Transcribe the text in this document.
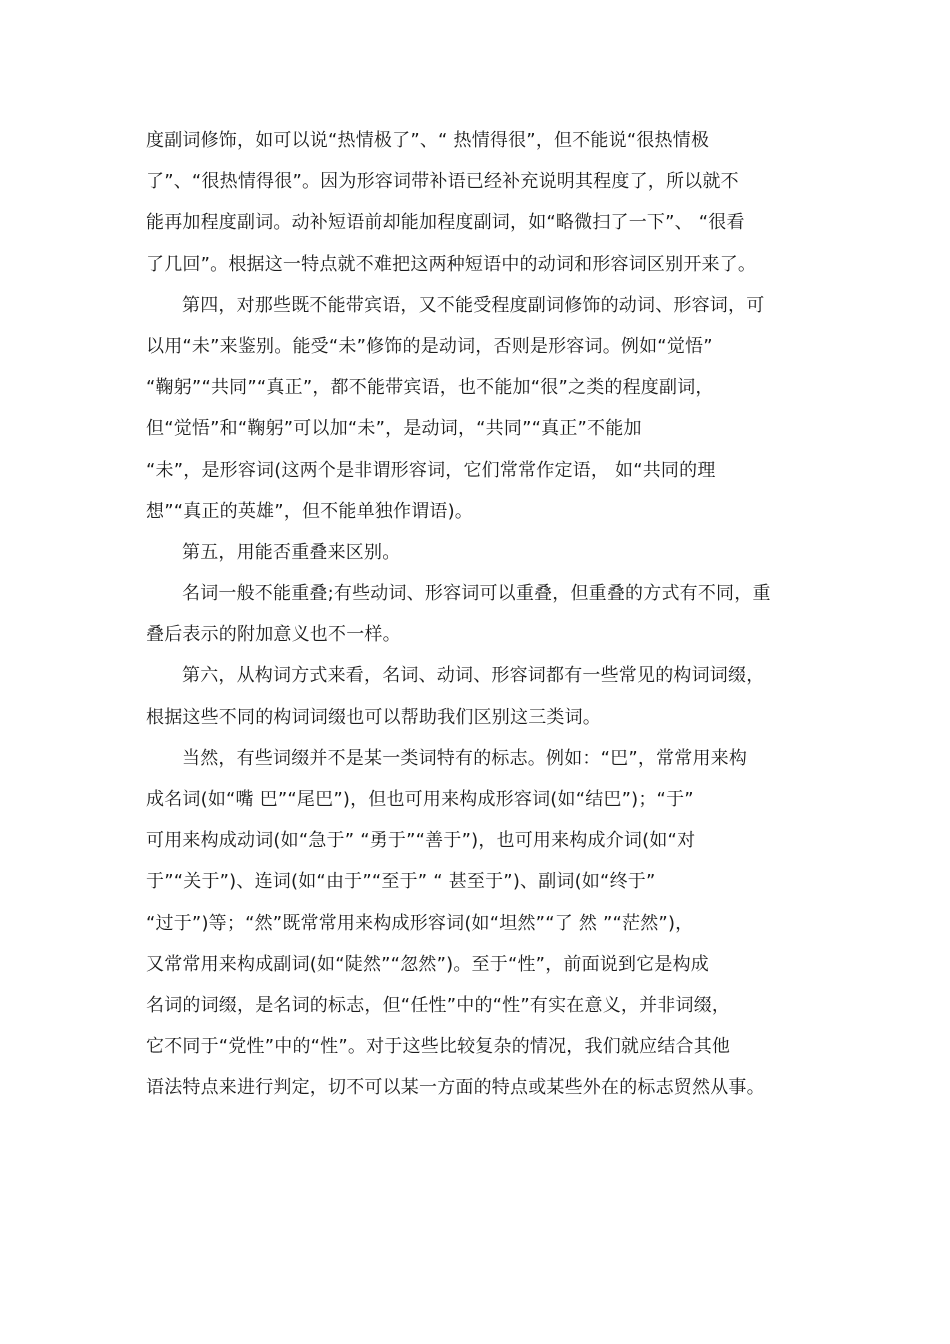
度副词修饰，如可以说“热情极了”、“ 热情得很”，但不能说“很热情极
了”、“很热情得很”。因为形容词带补语已经补充说明其程度了，所以就不
能再加程度副词。动补短语前却能加程度副词，如“略微扫了一下”、 “很看
了几回”。根据这一特点就不难把这两种短语中的动词和形容词区别开来了。
第四，对那些既不能带宾语，又不能受程度副词修饰的动词、形容词，可
以用“未”来鉴别。能受“未”修饰的是动词，否则是形容词。例如“觉悟”
“鞠躬”“共同”“真正”，都不能带宾语，也不能加“很”之类的程度副词，
但“觉悟”和“鞠躬”可以加“未”，是动词，“共同”“真正”不能加
“未”，是形容词(这两个是非谓形容词，它们常常作定语， 如“共同的理
想”“真正的英雄”，但不能单独作谓语)。
第五，用能否重叠来区别。
名词一般不能重叠;有些动词、形容词可以重叠，但重叠的方式有不同，重
叠后表示的附加意义也不一样。
第六，从构词方式来看，名词、动词、形容词都有一些常见的构词词缀，
根据这些不同的构词词缀也可以帮助我们区别这三类词。
当然，有些词缀并不是某一类词特有的标志。例如：“巴”，常常用来构
成名词(如“嘴 巴”“尾巴”)，但也可用来构成形容词(如“结巴”)；“于”
可用来构成动词(如“急于” “勇于”“善于”)，也可用来构成介词(如“对
于”“关于”)、连词(如“由于”“至于” “ 甚至于”)、副词(如“终于”
“过于”)等；“然”既常常用来构成形容词(如“坦然”“了 然 ”“茫然”)，
又常常用来构成副词(如“陡然”“忽然”)。至于“性”，前面说到它是构成
名词的词缀，是名词的标志，但“任性”中的“性”有实在意义，并非词缀，
它不同于“党性”中的“性”。对于这些比较复杂的情况，我们就应结合其他
语法特点来进行判定，切不可以某一方面的特点或某些外在的标志贸然从事。
